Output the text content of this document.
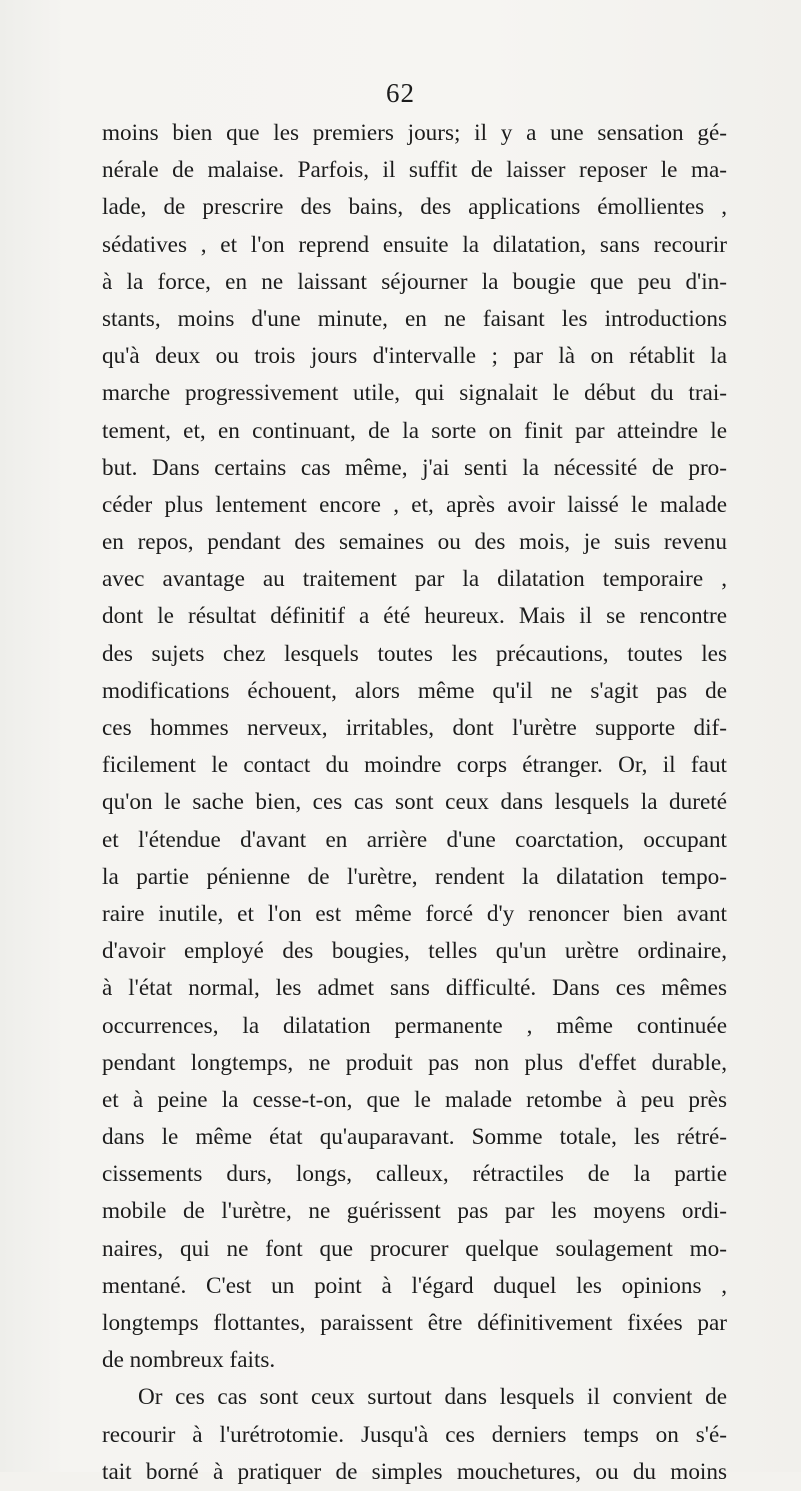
62
moins bien que les premiers jours; il y a une sensation gé-
nérale de malaise. Parfois, il suffit de laisser reposer le ma-
lade, de prescrire des bains, des applications émollientes ,
sédatives , et l'on reprend ensuite la dilatation, sans recourir
à la force, en ne laissant séjourner la bougie que peu d'in-
stants, moins d'une minute, en ne faisant les introductions
qu'à deux ou trois jours d'intervalle ; par là on rétablit la
marche progressivement utile, qui signalait le début du trai-
tement, et, en continuant, de la sorte on finit par atteindre le
but. Dans certains cas même, j'ai senti la nécessité de pro-
céder plus lentement encore , et, après avoir laissé le malade
en repos, pendant des semaines ou des mois, je suis revenu
avec avantage au traitement par la dilatation temporaire ,
dont le résultat définitif a été heureux. Mais il se rencontre
des sujets chez lesquels toutes les précautions, toutes les
modifications échouent, alors même qu'il ne s'agit pas de
ces hommes nerveux, irritables, dont l'urètre supporte dif-
ficilement le contact du moindre corps étranger. Or, il faut
qu'on le sache bien, ces cas sont ceux dans lesquels la dureté
et l'étendue d'avant en arrière d'une coarctation, occupant
la partie pénienne de l'urètre, rendent la dilatation tempo-
raire inutile, et l'on est même forcé d'y renoncer bien avant
d'avoir employé des bougies, telles qu'un urètre ordinaire,
à l'état normal, les admet sans difficulté. Dans ces mêmes
occurrences, la dilatation permanente , même continuée
pendant longtemps, ne produit pas non plus d'effet durable,
et à peine la cesse-t-on, que le malade retombe à peu près
dans le même état qu'auparavant. Somme totale, les rétré-
cissements durs, longs, calleux, rétractiles de la partie
mobile de l'urètre, ne guérissent pas par les moyens ordi-
naires, qui ne font que procurer quelque soulagement mo-
mentané. C'est un point à l'égard duquel les opinions ,
longtemps flottantes, paraissent être définitivement fixées par
de nombreux faits.
Or ces cas sont ceux surtout dans lesquels il convient de
recourir à l'urétrotomie. Jusqu'à ces derniers temps on s'é-
tait borné à pratiquer de simples mouchetures, ou du moins
